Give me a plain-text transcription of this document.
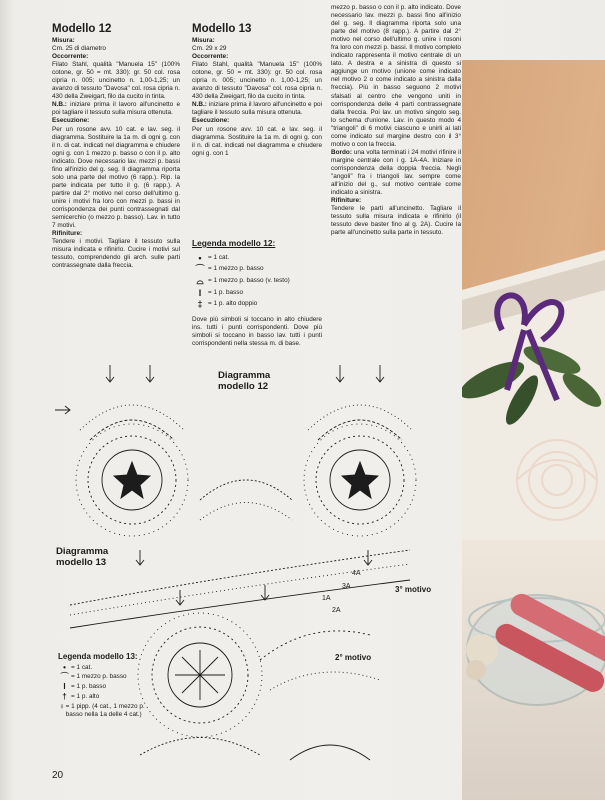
Modello 12

Misura:

Cm. 25 di diametro

Occorrente:

Filato Stahl, qualità "Manuela 15" (100% cotone, gr. 50 = mt. 330): gr. 50 col. rosa cipria n. 005; uncinetto n. 1,00-1,25; un avanzo di tessuto "Davosa" col. rosa cipria n. 430 della Zweigart, filo da cucito in tinta.

N.B.: iniziare prima il lavoro all'uncinetto e poi tagliare il tessuto sulla misura ottenuta.

Esecuzione:

Per un rosone avv. 10 cat. e lav. seg. il diagramma. Sostituire la 1a m. di ogni g. con il n. di cat. indicati nel diagramma e chiudere ogni g. con 1 mezzo p. basso o con il p. alto indicato. Dove necessario lav. mezzi p. bassi fino all'inizio del g. seg. Il diagramma riporta solo una parte del motivo (6 rapp.). Rip. la parte indicata per tutto il g. (6 rapp.). A partire dal 2° motivo nel corso dell'ultimo g. unire i motivi fra loro con mezzi p. bassi in corrispondenza dei punti contrassegnati dal semicerchio (o mezzo p. basso). Lav. in tutto 7 motivi.

Rifiniture:

Tendere i motivi. Tagliare il tessuto sulla misura indicata e rifinirlo. Cucire i motivi sul tessuto, comprendendo gli arch. sulle parti contrassegnate dalla freccia.

Modello 13

Misura:

Cm. 29 x 29

Occorrente:

Filato Stahl, qualità "Manuela 15" (100% cotone, gr. 50 = mt. 330): gr. 50 col. rosa cipria n. 005; uncinetto n. 1,00-1,25; un avanzo di tessuto "Davosa" col. rosa cipria n. 430 della Zweigart, filo da cucito in tinta.

N.B.: iniziare prima il lavoro all'uncinetto e poi tagliare il tessuto sulla misura ottenuta.

Esecuzione:

Per un rosone avv. 10 cat. e lav. seg. il diagramma. Sostituire la 1a m. di ogni g. con il n. di cat. indicati nel diagramma e chiudere ogni g. con 1

Legenda modello 12:
•	= 1 cat.
⌒ = 1 mezzo p. basso
⌓ = 1 mezzo p. basso (v. testo)
I	= 1 p. basso
‡ = 1 p. alto doppio

Dove più simboli si toccano in alto chiudere ins. tutti i punti corrispondenti. Dove più simboli si toccano in basso lav. tutti i punti corrispondenti nella stessa m. di base.

mezzo p. basso o con il p. alto indicato. Dove necessario lav. mezzi p. bassi fino all'inizio del g. seg. Il diagramma riporta solo una parte del motivo (8 rapp.). A partire dal 2° motivo nel corso dell'ultimo g. unire i rosoni fra loro con mezzi p. bassi. Il motivo completo indicato rappresenta il motivo centrale di un lato. A destra e a sinistra di questo si aggiunge un motivo (unione come indicato nel motivo 2 o come indicato a sinistra dalla freccia). Più in basso seguono 2 motivi sfalsati al centro che vengono uniti in corrispondenza delle 4 parti contrassegnate dalla freccia. Poi lav. un motivo singolo seg. lo schema d'unione. Lav. in questo modo 4 "triangoli" di 6 motivi ciascuno e unirli ai lati come indicato sul margine destro con il 3° motivo o con la freccia.

Bordo: una volta terminati i 24 motivi rifinire il margine centrale con i g. 1A-4A. Iniziare in corrispondenza della doppia freccia. Negli "angoli" fra i triangoli lav. sempre come all'inizio del g., sul motivo centrale come indicato a sinistra.

Rifiniture:

Tendere le parti all'uncinetto. Tagliare il tessuto sulla misura indicata e rifinirlo (il tessuto deve baster fino al g. 2A). Cucire la parte all'uncinetto sulla parte in tessuto.

1A
2A
3A
4A
3° motivo
2° motivo
Diagramma
modello 12
Diagramma
modello 13
Legenda modello 13:
• = 1 cat.
⌒ = 1 mezzo p. basso
I = 1 p. basso
† = 1 p. alto
♀ = 1 pipp. (4 cat., 1 mezzo p. basso nella 1a delle 4 cat.)
20
